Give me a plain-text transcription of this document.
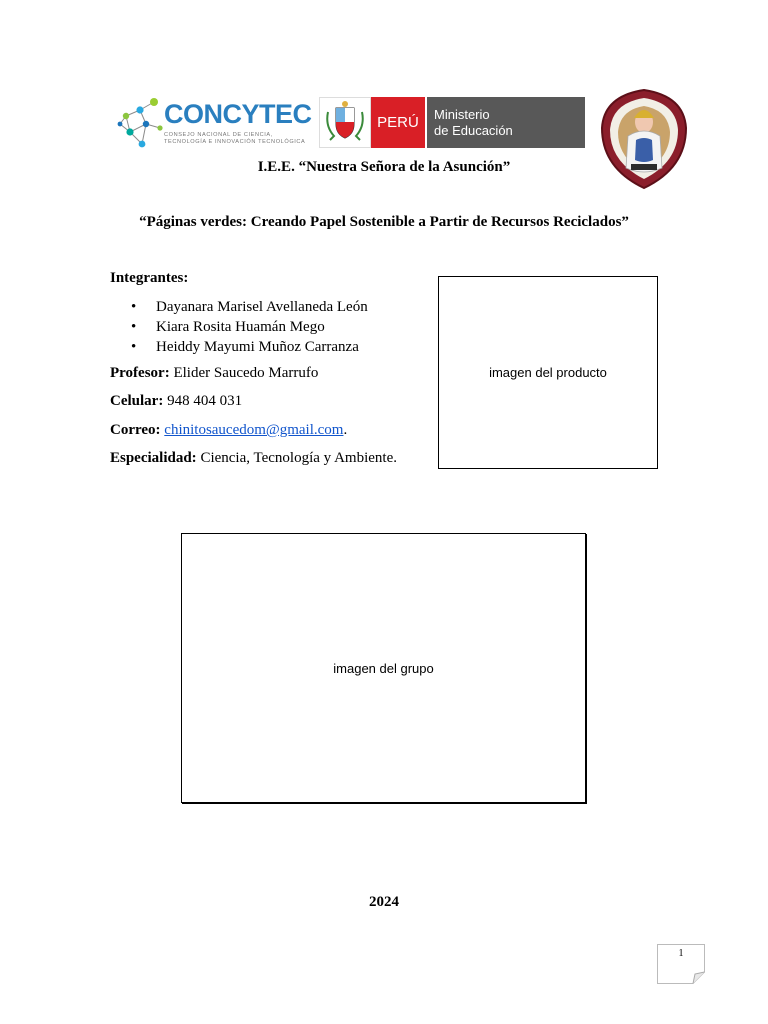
CONCYTEC
CONSEJO NACIONAL DE CIENCIA,
TECNOLOGÍA E INNOVACIÓN TECNOLÓGICA
PERÚ Ministerio
de Educación
I.E.E. “Nuestra Señora de la Asunción”
“Páginas verdes: Creando Papel Sostenible a Partir de Recursos Reciclados”
Integrantes:
• Dayanara Marisel Avellaneda León
• Kiara Rosita Huamán Mego
• Heiddy Mayumi Muñoz Carranza
Profesor: Elider Saucedo Marrufo
Celular: 948 404 031
Correo: chinitosaucedom@gmail.com.
Especialidad: Ciencia, Tecnología y Ambiente.
imagen del producto
imagen del grupo
2024
1
